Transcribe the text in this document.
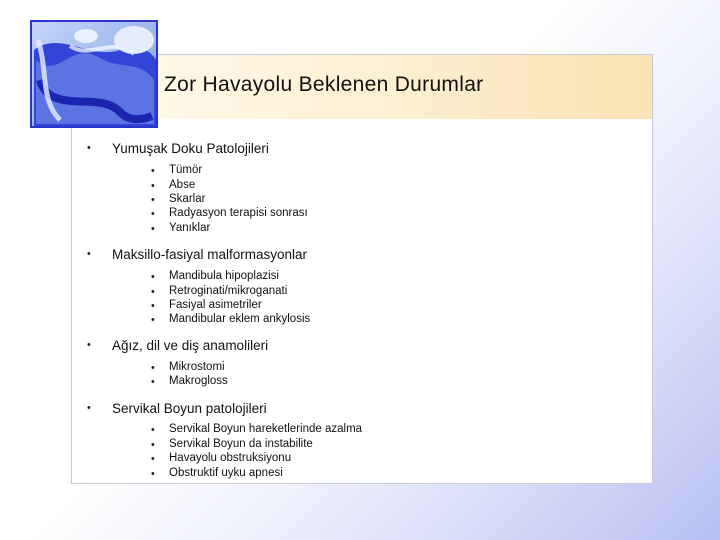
Zor Havayolu Beklenen Durumlar
• Yumuşak Doku Patolojileri
• Tümör
• Abse
• Skarlar
• Radyasyon terapisi sonrası
• Yanıklar
• Maksillo-fasiyal malformasyonlar
• Mandibula hipoplazisi
• Retroginati/mikroganati
• Fasiyal asimetriler
• Mandibular eklem ankylosis
• Ağız, dil ve diş anamolileri
• Mikrostomi
• Makrogloss
• Servikal Boyun patolojileri
• Servikal Boyun hareketlerinde azalma
• Servikal Boyun da instabilite
• Havayolu obstruksiyonu
• Obstruktif uyku apnesi
